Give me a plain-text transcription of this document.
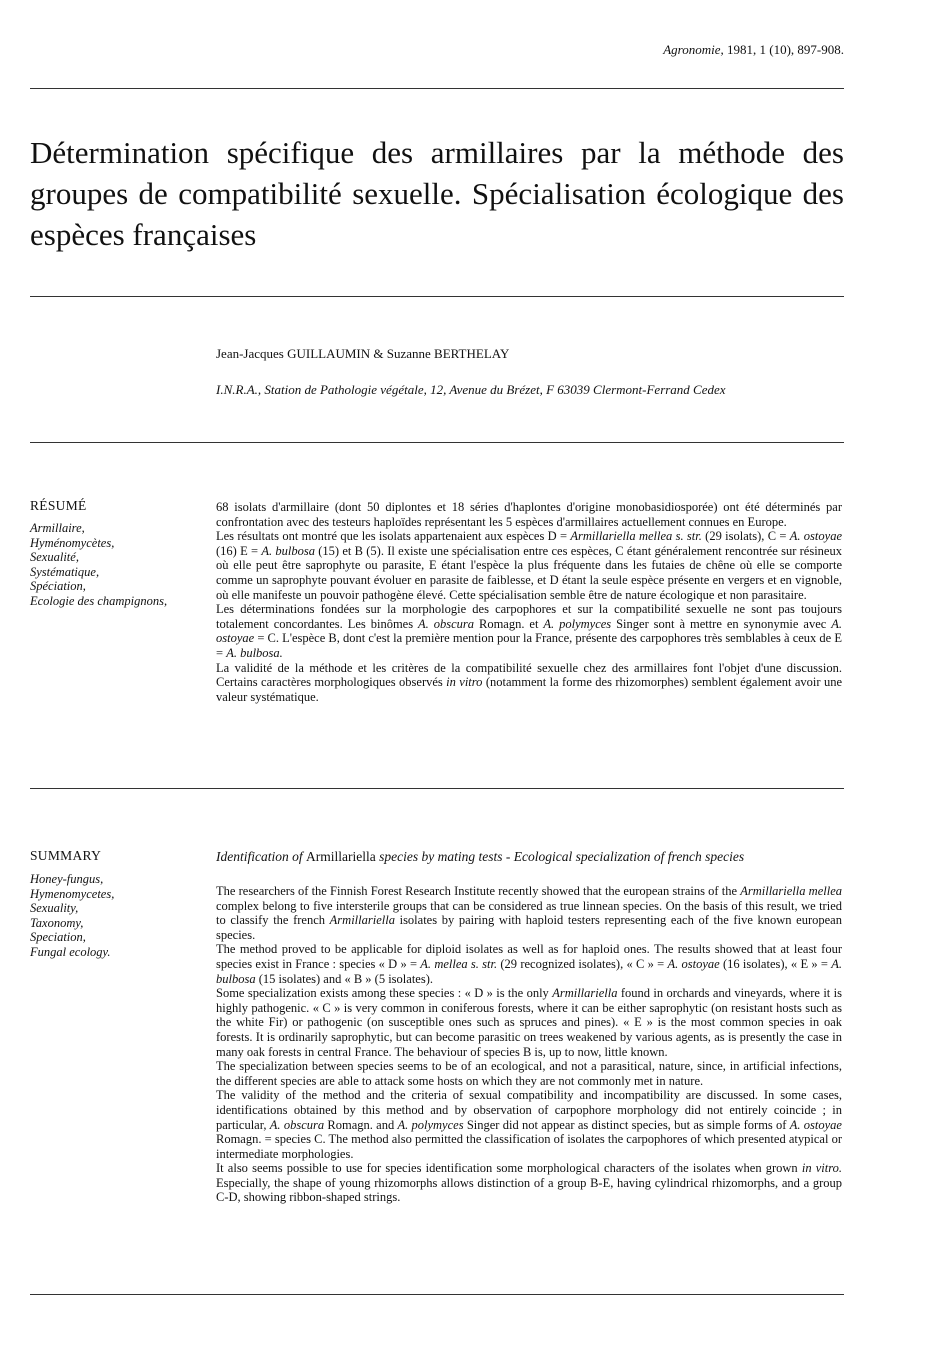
Agronomie, 1981, 1 (10), 897-908.
Détermination spécifique des armillaires par la méthode des groupes de compatibilité sexuelle. Spécialisation écologique des espèces françaises
Jean-Jacques GUILLAUMIN & Suzanne BERTHELAY
I.N.R.A., Station de Pathologie végétale, 12, Avenue du Brézet, F 63039 Clermont-Ferrand Cedex
RÉSUMÉ
Armillaire,
Hyménomycètes,
Sexualité,
Systématique,
Spéciation,
Ecologie des champignons,

68 isolats d'armillaire (dont 50 diplontes et 18 séries d'haplontes d'origine monobasidiosporée) ont été déterminés par confrontation avec des testeurs haploïdes représentant les 5 espèces d'armillaires actuellement connues en Europe.

Les résultats ont montré que les isolats appartenaient aux espèces D = Armillariella mellea s. str. (29 isolats), C = A. ostoyae (16) E = A. bulbosa (15) et B (5). Il existe une spécialisation entre ces espèces, C étant généralement rencontrée sur résineux où elle peut être saprophyte ou parasite, E étant l'espèce la plus fréquente dans les futaies de chêne où elle se comporte comme un saprophyte pouvant évoluer en parasite de faiblesse, et D étant la seule espèce présente en vergers et en vignoble, où elle manifeste un pouvoir pathogène élevé. Cette spécialisation semble être de nature écologique et non parasitaire.

Les déterminations fondées sur la morphologie des carpophores et sur la compatibilité sexuelle ne sont pas toujours totalement concordantes. Les binômes A. obscura Romagn. et A. polymyces Singer sont à mettre en synonymie avec A. ostoyae = C. L'espèce B, dont c'est la première mention pour la France, présente des carpophores très semblables à ceux de E = A. bulbosa.

La validité de la méthode et les critères de la compatibilité sexuelle chez des armillaires font l'objet d'une discussion. Certains caractères morphologiques observés in vitro (notamment la forme des rhizomorphes) semblent également avoir une valeur systématique.

SUMMARY
Honey-fungus,
Hymenomycetes,
Sexuality,
Taxonomy,
Speciation,
Fungal ecology.
Identification of Armillariella species by mating tests - Ecological specialization of french species

The researchers of the Finnish Forest Research Institute recently showed that the european strains of the Armillariella mellea complex belong to five intersterile groups that can be considered as true linnean species. On the basis of this result, we tried to classify the french Armillariella isolates by pairing with haploid testers representing each of the five known european species.

The method proved to be applicable for diploid isolates as well as for haploid ones. The results showed that at least four species exist in France : species « D » = A. mellea s. str. (29 recognized isolates), « C » = A. ostoyae (16 isolates), « E » = A. bulbosa (15 isolates) and « B » (5 isolates).

Some specialization exists among these species : « D » is the only Armillariella found in orchards and vineyards, where it is highly pathogenic. « C » is very common in coniferous forests, where it can be either saprophytic (on resistant hosts such as the white Fir) or pathogenic (on susceptible ones such as spruces and pines). « E » is the most common species in oak forests. It is ordinarily saprophytic, but can become parasitic on trees weakened by various agents, as is presently the case in many oak forests in central France. The behaviour of species B is, up to now, little known.

The specialization between species seems to be of an ecological, and not a parasitical, nature, since, in artificial infections, the different species are able to attack some hosts on which they are not commonly met in nature.

The validity of the method and the criteria of sexual compatibility and incompatibility are discussed. In some cases, identifications obtained by this method and by observation of carpophore morphology did not entirely coincide ; in particular, A. obscura Romagn. and A. polymyces Singer did not appear as distinct species, but as simple forms of A. ostoyae Romagn. = species C. The method also permitted the classification of isolates the carpophores of which presented atypical or intermediate morphologies.

It also seems possible to use for species identification some morphological characters of the isolates when grown in vitro. Especially, the shape of young rhizomorphs allows distinction of a group B-E, having cylindrical rhizomorphs, and a group C-D, showing ribbon-shaped strings.
